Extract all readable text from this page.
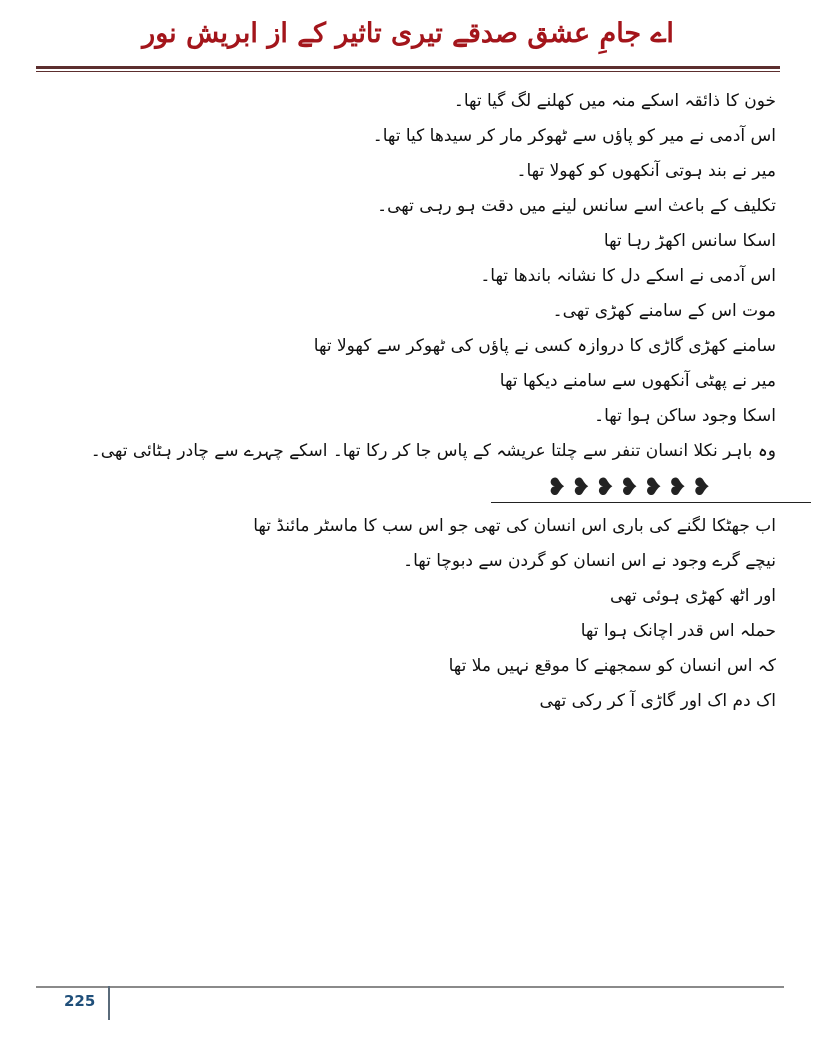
اے جامِ عشق صدقے تیری تاثیر کے از ابریش نور
خون کا ذائقہ اسکے منہ میں کھلنے لگ گیا تھا۔
اس آدمی نے میر کو پاؤں سے ٹھوکر مار کر سیدھا کیا تھا۔
میر نے بند ہوتی آنکھوں کو کھولا تھا۔
تکلیف کے باعث اسے سانس لینے میں دقت ہو رہی تھی۔
اسکا سانس اکھڑ رہا تھا
اس آدمی نے اسکے دل کا نشانہ باندھا تھا۔
موت اس کے سامنے کھڑی تھی۔
سامنے کھڑی گاڑی کا دروازہ کسی نے پاؤں کی ٹھوکر سے کھولا تھا
میر نے پھٹی آنکھوں سے سامنے دیکھا تھا
اسکا وجود ساکن ہوا تھا۔
وہ باہر نکلا انسان تنفر سے چلتا عریشہ کے پاس جا کر رکا تھا۔ اسکے چہرے سے چادر ہٹائی تھی۔
❥❥❥❥❥❥❥
اب جھٹکا لگنے کی باری اس انسان کی تھی جو اس سب کا ماسٹر مائنڈ تھا
نیچے گرے وجود نے اس انسان کو گردن سے دبوچا تھا۔
اور اٹھ کھڑی ہوئی تھی
حملہ اس قدر اچانک ہوا تھا
کہ اس انسان کو سمجھنے کا موقع نہیں ملا تھا
اک دم اک اور گاڑی آ کر رکی تھی
225
